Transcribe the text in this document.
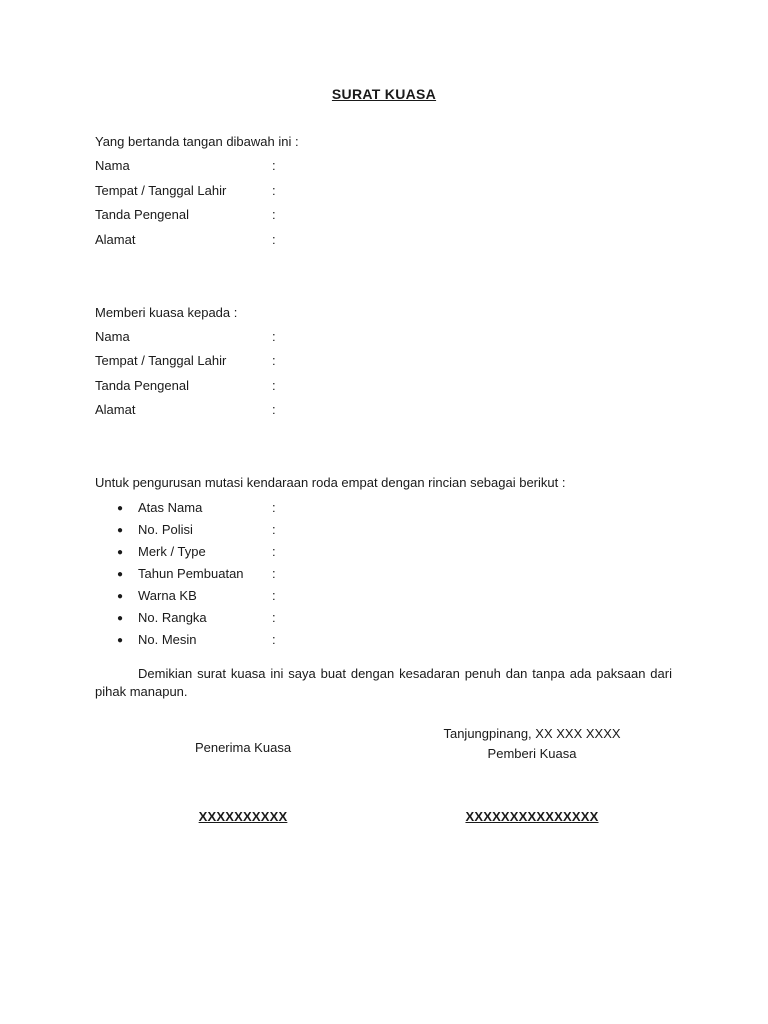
SURAT KUASA
Yang bertanda tangan dibawah ini :
Nama	:
Tempat / Tanggal Lahir	:
Tanda Pengenal	:
Alamat	:
Memberi kuasa kepada :
Nama	:
Tempat / Tanggal Lahir	:
Tanda Pengenal	:
Alamat	:
Untuk pengurusan mutasi kendaraan roda empat dengan rincian sebagai berikut :
● Atas Nama	:
● No. Polisi	:
● Merk / Type	:
● Tahun Pembuatan :
● Warna KB	:
● No. Rangka	:
● No. Mesin	:
Demikian surat kuasa ini saya buat dengan kesadaran penuh dan tanpa ada paksaan dari pihak manapun.
Tanjungpinang, XX XXX XXXX
Penerima Kuasa	Pemberi Kuasa
XXXXXXXXXX	XXXXXXXXXXXXXXX
